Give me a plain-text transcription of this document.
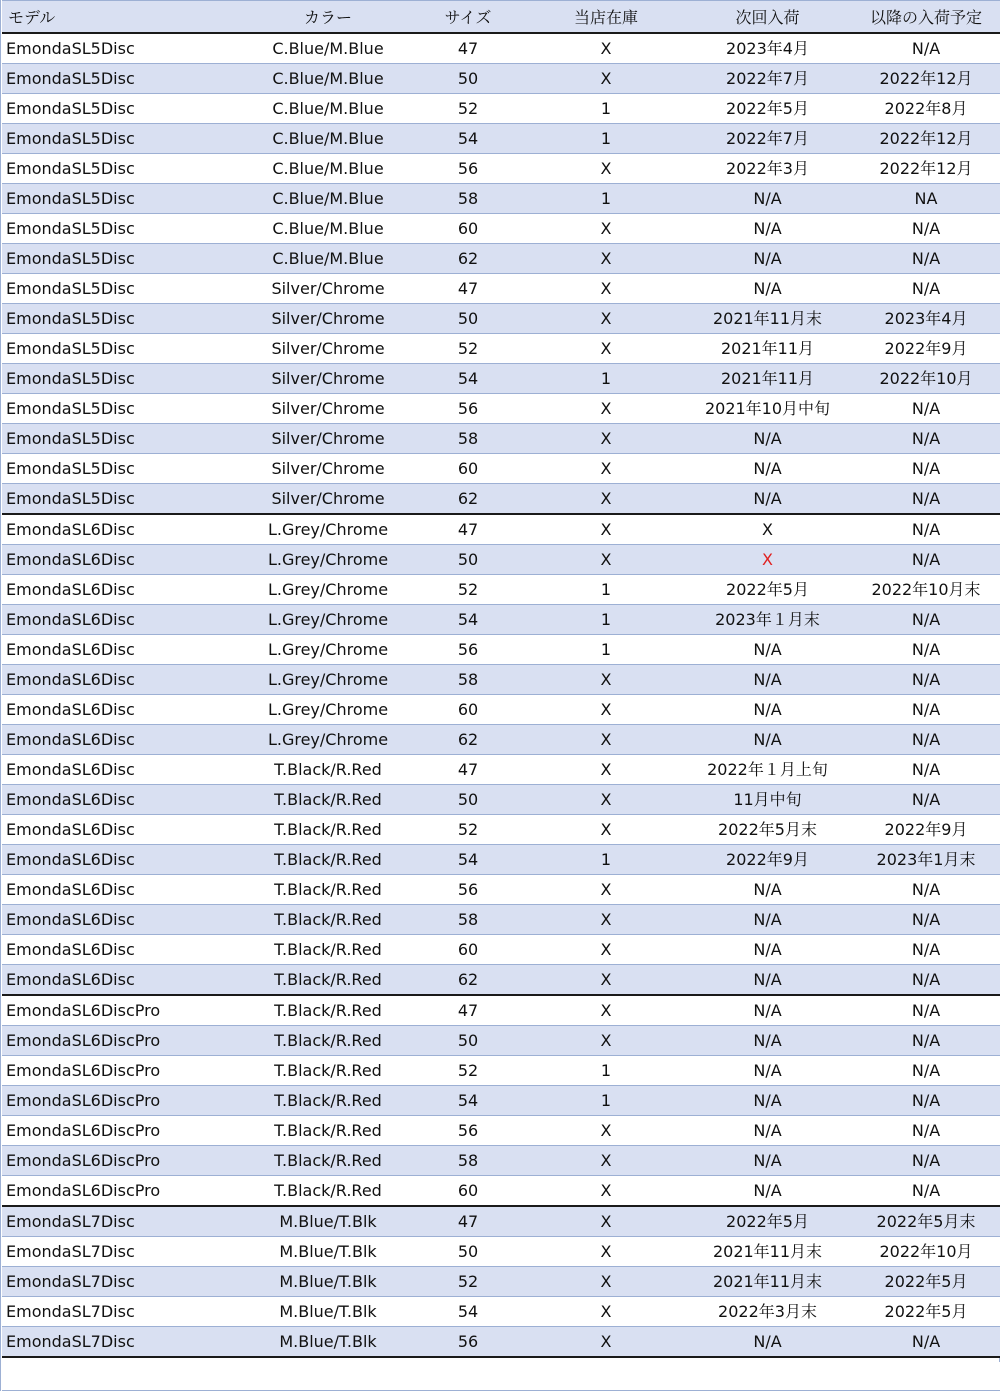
モデル	カラー	サイズ	当店在庫	次回入荷	以降の入荷予定
EmondaSL5Disc	C.Blue/M.Blue	47	X	2023年4月	N/A
EmondaSL5Disc	C.Blue/M.Blue	50	X	2022年7月	2022年12月
EmondaSL5Disc	C.Blue/M.Blue	52	1	2022年5月	2022年8月
EmondaSL5Disc	C.Blue/M.Blue	54	1	2022年7月	2022年12月
EmondaSL5Disc	C.Blue/M.Blue	56	X	2022年3月	2022年12月
EmondaSL5Disc	C.Blue/M.Blue	58	1	N/A	NA
EmondaSL5Disc	C.Blue/M.Blue	60	X	N/A	N/A
EmondaSL5Disc	C.Blue/M.Blue	62	X	N/A	N/A
EmondaSL5Disc	Silver/Chrome	47	X	N/A	N/A
EmondaSL5Disc	Silver/Chrome	50	X	2021年11月末	2023年4月
EmondaSL5Disc	Silver/Chrome	52	X	2021年11月	2022年9月
EmondaSL5Disc	Silver/Chrome	54	1	2021年11月	2022年10月
EmondaSL5Disc	Silver/Chrome	56	X	2021年10月中旬	N/A
EmondaSL5Disc	Silver/Chrome	58	X	N/A	N/A
EmondaSL5Disc	Silver/Chrome	60	X	N/A	N/A
EmondaSL5Disc	Silver/Chrome	62	X	N/A	N/A
EmondaSL6Disc	L.Grey/Chrome	47	X	X	N/A
EmondaSL6Disc	L.Grey/Chrome	50	X	X	N/A
EmondaSL6Disc	L.Grey/Chrome	52	1	2022年5月	2022年10月末
EmondaSL6Disc	L.Grey/Chrome	54	1	2023年１月末	N/A
EmondaSL6Disc	L.Grey/Chrome	56	1	N/A	N/A
EmondaSL6Disc	L.Grey/Chrome	58	X	N/A	N/A
EmondaSL6Disc	L.Grey/Chrome	60	X	N/A	N/A
EmondaSL6Disc	L.Grey/Chrome	62	X	N/A	N/A
EmondaSL6Disc	T.Black/R.Red	47	X	2022年１月上旬	N/A
EmondaSL6Disc	T.Black/R.Red	50	X	11月中旬	N/A
EmondaSL6Disc	T.Black/R.Red	52	X	2022年5月末	2022年9月
EmondaSL6Disc	T.Black/R.Red	54	1	2022年9月	2023年1月末
EmondaSL6Disc	T.Black/R.Red	56	X	N/A	N/A
EmondaSL6Disc	T.Black/R.Red	58	X	N/A	N/A
EmondaSL6Disc	T.Black/R.Red	60	X	N/A	N/A
EmondaSL6Disc	T.Black/R.Red	62	X	N/A	N/A
EmondaSL6DiscPro	T.Black/R.Red	47	X	N/A	N/A
EmondaSL6DiscPro	T.Black/R.Red	50	X	N/A	N/A
EmondaSL6DiscPro	T.Black/R.Red	52	1	N/A	N/A
EmondaSL6DiscPro	T.Black/R.Red	54	1	N/A	N/A
EmondaSL6DiscPro	T.Black/R.Red	56	X	N/A	N/A
EmondaSL6DiscPro	T.Black/R.Red	58	X	N/A	N/A
EmondaSL6DiscPro	T.Black/R.Red	60	X	N/A	N/A
EmondaSL7Disc	M.Blue/T.Blk	47	X	2022年5月	2022年5月末
EmondaSL7Disc	M.Blue/T.Blk	50	X	2021年11月末	2022年10月
EmondaSL7Disc	M.Blue/T.Blk	52	X	2021年11月末	2022年5月
EmondaSL7Disc	M.Blue/T.Blk	54	X	2022年3月末	2022年5月
EmondaSL7Disc	M.Blue/T.Blk	56	X	N/A	N/A
